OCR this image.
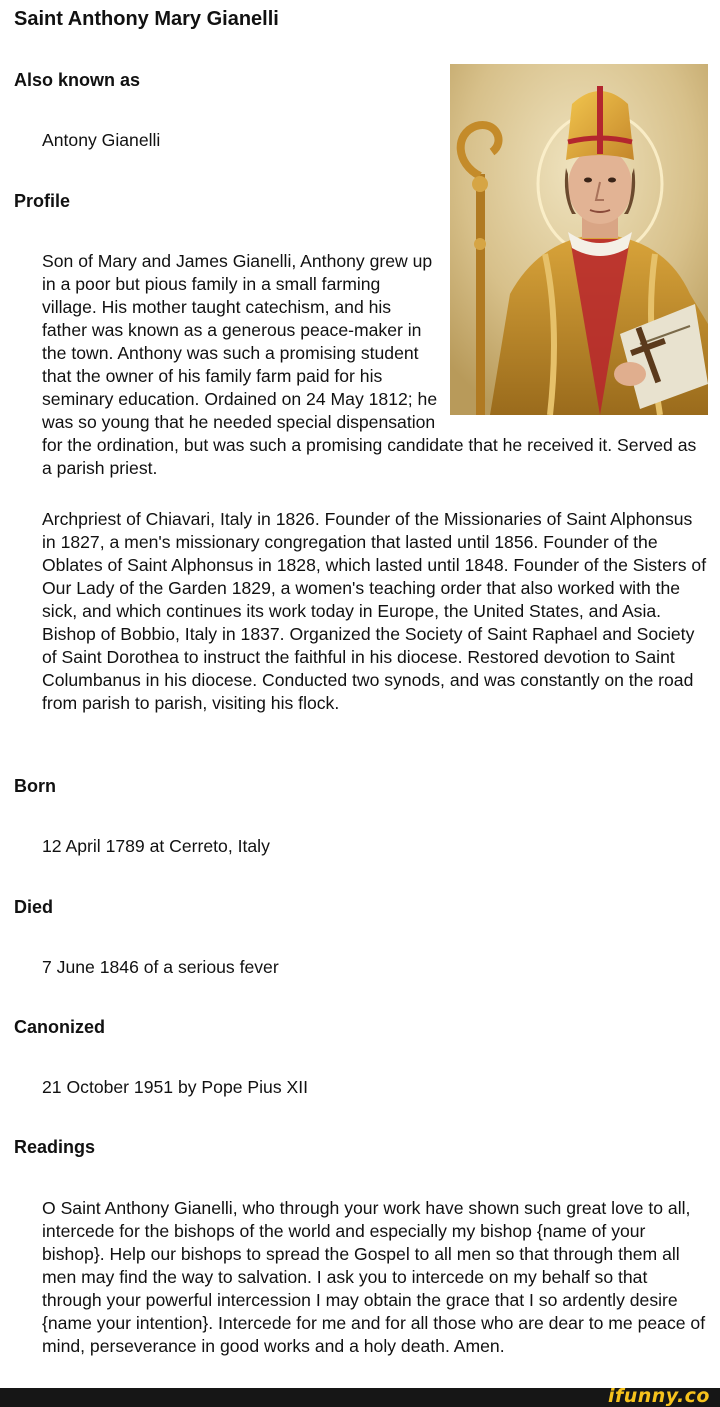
Saint Anthony Mary Gianelli
Also known as

Antony Gianelli

Profile

Son of Mary and James Gianelli, Anthony grew up in a poor but pious family in a small farming village. His mother taught catechism, and his father was known as a generous peace-maker in the town. Anthony was such a promising student that the owner of his family farm paid for his seminary education. Ordained on 24 May 1812; he was so young that he needed special dispensation for the ordination, but was such a promising candidate that he received it. Served as a parish priest.

Archpriest of Chiavari, Italy in 1826. Founder of the Missionaries of Saint Alphonsus in 1827, a men's missionary congregation that lasted until 1856. Founder of the Oblates of Saint Alphonsus in 1828, which lasted until 1848. Founder of the Sisters of Our Lady of the Garden 1829, a women's teaching order that also worked with the sick, and which continues its work today in Europe, the United States, and Asia. Bishop of Bobbio, Italy in 1837. Organized the Society of Saint Raphael and Society of Saint Dorothea to instruct the faithful in his diocese. Restored devotion to Saint Columbanus in his diocese. Conducted two synods, and was constantly on the road from parish to parish, visiting his flock.

Born

12 April 1789 at Cerreto, Italy

Died

7 June 1846 of a serious fever

Canonized

21 October 1951 by Pope Pius XII

Readings

O Saint Anthony Gianelli, who through your work have shown such great love to all, intercede for the bishops of the world and especially my bishop {name of your bishop}. Help our bishops to spread the Gospel to all men so that through them all men may find the way to salvation. I ask you to intercede on my behalf so that through your powerful intercession I may obtain the grace that I so ardently desire {name your intention}. Intercede for me and for all those who are dear to me peace of mind, perseverance in good works and a holy death. Amen.

ifunny.co
